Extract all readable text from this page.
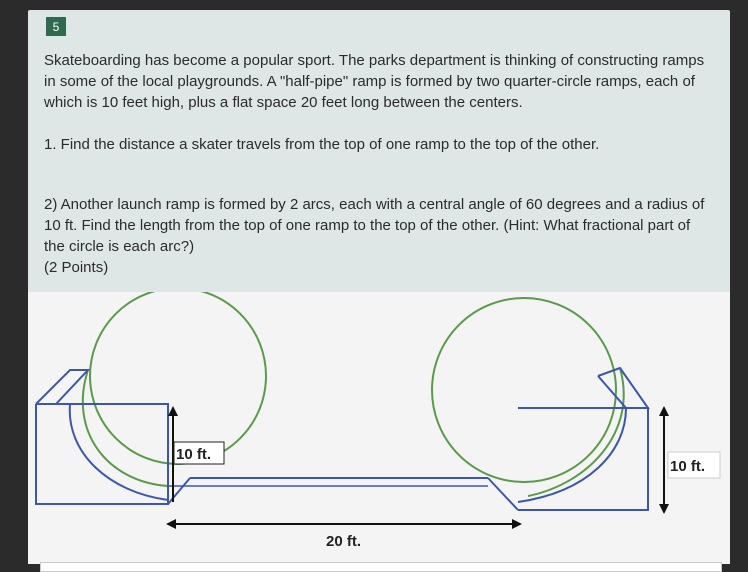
5
Skateboarding has become a popular sport. The parks department is thinking of constructing ramps in some of the local playgrounds. A "half-pipe" ramp is formed by two quarter-circle ramps, each of which is 10 feet high, plus a flat space 20 feet long between the centers.
1. Find the distance a skater travels from the top of one ramp to the top of the other.
2) Another launch ramp is formed by 2 arcs, each with a central angle of 60 degrees and a radius of 10 ft. Find the length from the top of one ramp to the top of the other. (Hint: What fractional part of the circle is each arc?)
(2 Points)
10 ft.
10 ft.
20 ft.
